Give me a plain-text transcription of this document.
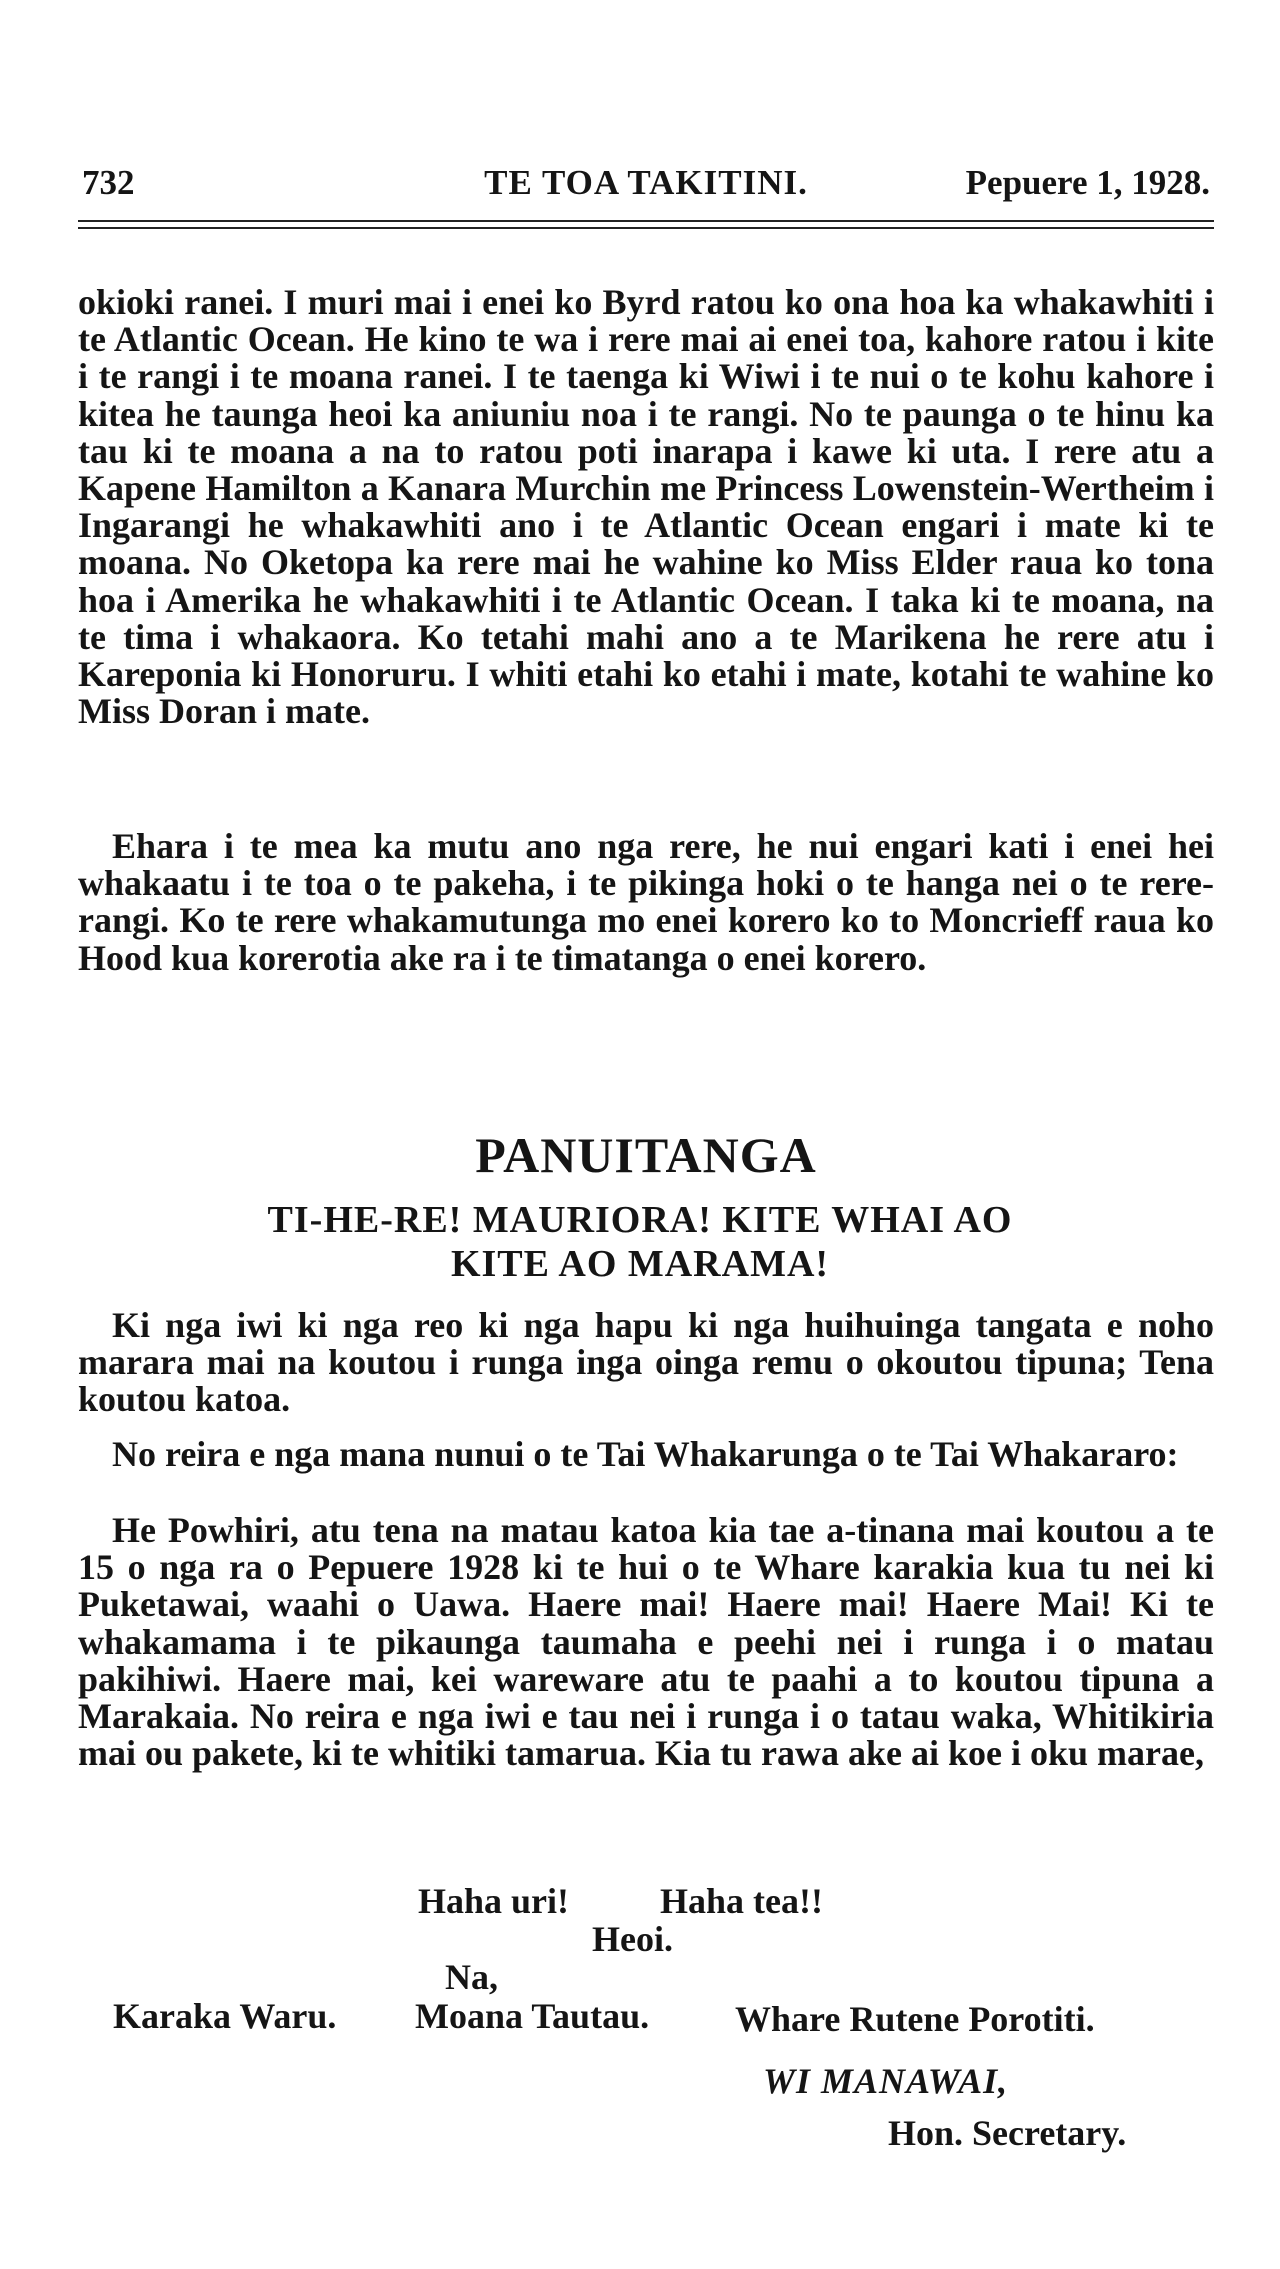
732	TE TOA TAKITINI.	Pepuere 1, 1928.

okioki ranei. I muri mai i enei ko Byrd ratou ko ona hoa ka whakawhiti i te Atlantic Ocean. He kino te wa i rere mai ai enei toa, kahore ratou i kite i te rangi i te moana ranei. I te taenga ki Wiwi i te nui o te kohu kahore i kitea he taunga heoi ka aniuniu noa i te rangi. No te paunga o te hinu ka tau ki te moana a na to ratou poti inarapa i kawe ki uta. I rere atu a Kapene Hamilton a Kanara Murchin me Princess Lowenstein-Wertheim i Ingarangi he whakawhiti ano i te Atlantic Ocean engari i mate ki te moana. No Oketopa ka rere mai he wahine ko Miss Elder raua ko tona hoa i Amerika he whakawhiti i te Atlantic Ocean. I taka ki te moana, na te tima i whakaora. Ko tetahi mahi ano a te Marikena he rere atu i Kareponia ki Honoruru. I whiti etahi ko etahi i mate, kotahi te wahine ko Miss Doran i mate.

Ehara i te mea ka mutu ano nga rere, he nui engari kati i enei hei whakaatu i te toa o te pakeha, i te pikinga hoki o te hanga nei o te rere-rangi. Ko te rere whakamutunga mo enei korero ko to Moncrieff raua ko Hood kua korerotia ake ra i te timatanga o enei korero.

PANUITANGA
TI-HE-RE! MAURIORA! KITE WHAI AO
KITE AO MARAMA!

Ki nga iwi ki nga reo ki nga hapu ki nga huihuinga tangata e noho marara mai na koutou i runga inga oinga remu o okoutou tipuna; Tena koutou katoa.

No reira e nga mana nunui o te Tai Whakarunga o te Tai Whakararo:

He Powhiri, atu tena na matau katoa kia tae a-tinana mai koutou a te 15 o nga ra o Pepuere 1928 ki te hui o te Whare karakia kua tu nei ki Puketawai, waahi o Uawa. Haere mai! Haere mai! Haere Mai! Ki te whakamama i te pikaunga taumaha e peehi nei i runga i o matau pakihiwi. Haere mai, kei wareware atu te paahi a to koutou tipuna a Marakaia. No reira e nga iwi e tau nei i runga i o tatau waka, Whitikiria mai ou pakete, ki te whitiki tamarua. Kia tu rawa ake ai koe i oku marae,

Haha uri!	Haha tea!!
Heoi.
Na,
Karaka Waru. Moana Tautau. Whare Rutene Porotiti.
WI MANAWAI,
Hon. Secretary.
